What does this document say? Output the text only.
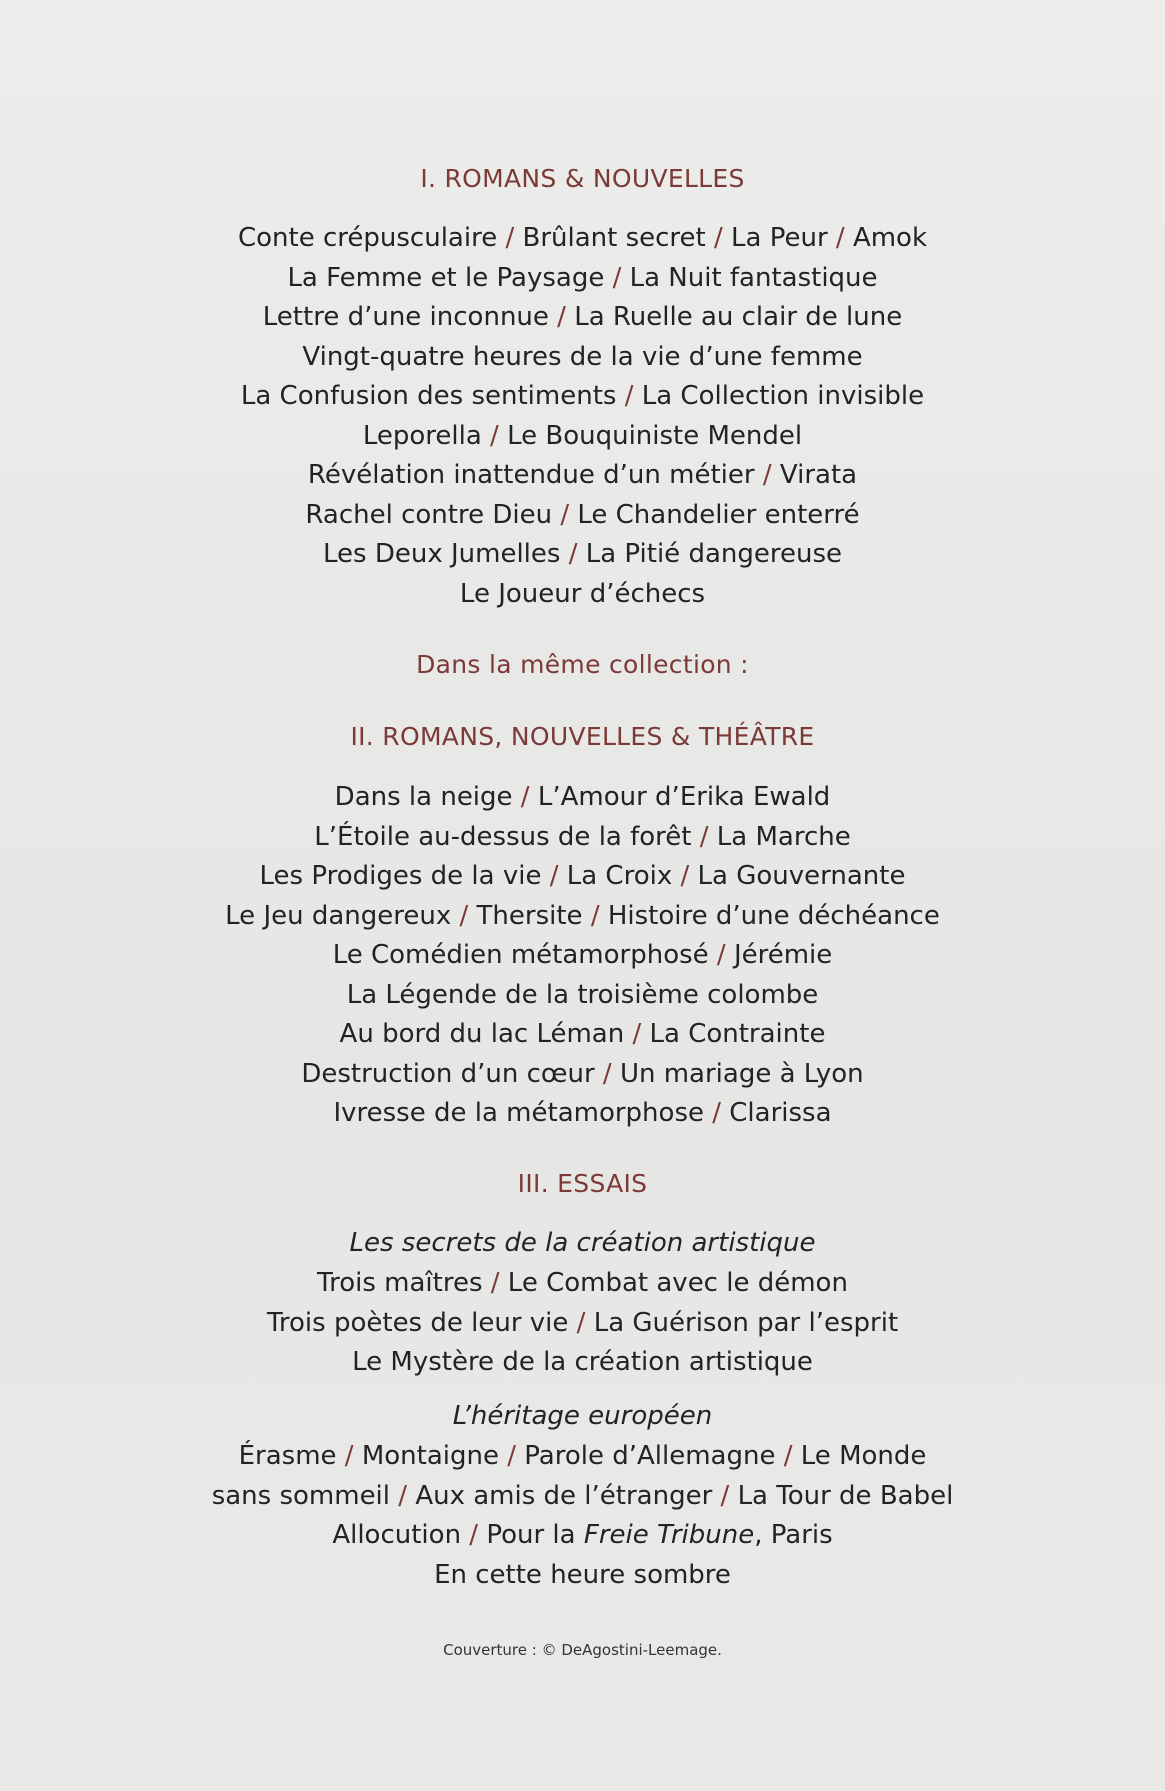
I. ROMANS & NOUVELLES
Conte crépusculaire / Brûlant secret / La Peur / Amok
La Femme et le Paysage / La Nuit fantastique
Lettre d’une inconnue / La Ruelle au clair de lune
Vingt-quatre heures de la vie d’une femme
La Confusion des sentiments / La Collection invisible
Leporella / Le Bouquiniste Mendel
Révélation inattendue d’un métier / Virata
Rachel contre Dieu / Le Chandelier enterré
Les Deux Jumelles / La Pitié dangereuse
Le Joueur d’échecs
Dans la même collection :
II. ROMANS, NOUVELLES & THÉÂTRE
Dans la neige / L’Amour d’Erika Ewald
L’Étoile au-dessus de la forêt / La Marche
Les Prodiges de la vie / La Croix / La Gouvernante
Le Jeu dangereux / Thersite / Histoire d’une déchéance
Le Comédien métamorphosé / Jérémie
La Légende de la troisième colombe
Au bord du lac Léman / La Contrainte
Destruction d’un cœur / Un mariage à Lyon
Ivresse de la métamorphose / Clarissa
III. ESSAIS
Les secrets de la création artistique
Trois maîtres / Le Combat avec le démon
Trois poètes de leur vie / La Guérison par l’esprit
Le Mystère de la création artistique
L’héritage européen
Érasme / Montaigne / Parole d’Allemagne / Le Monde
sans sommeil / Aux amis de l’étranger / La Tour de Babel
Allocution / Pour la Freie Tribune, Paris
En cette heure sombre
Couverture : © DeAgostini-Leemage.
